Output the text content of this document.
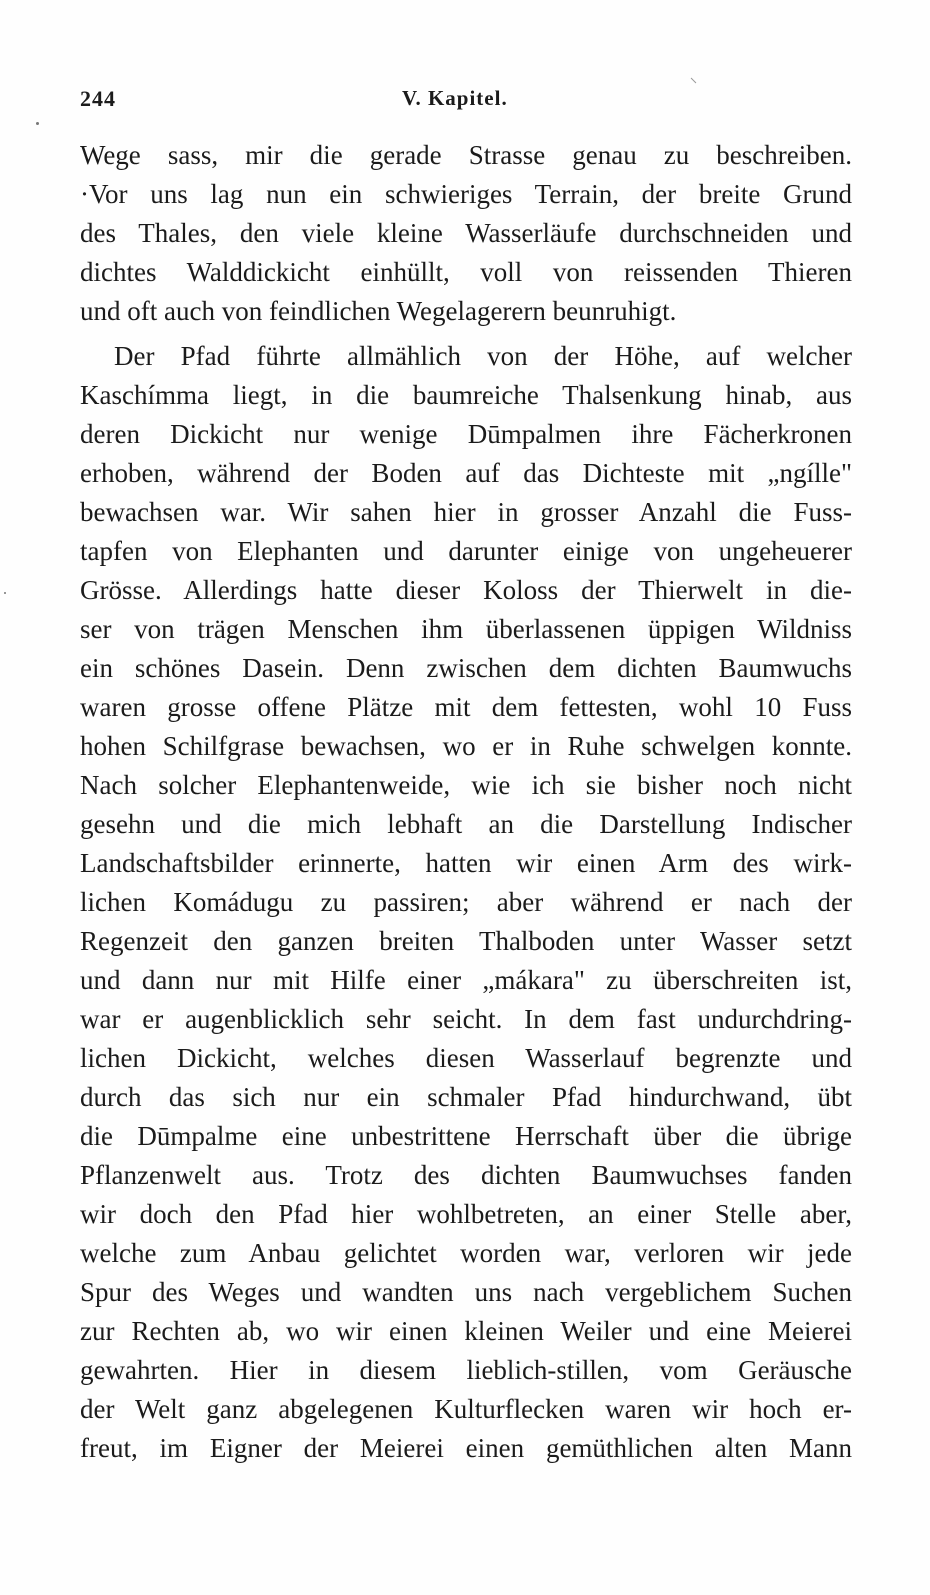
244	V. Kapitel.
Wege sass, mir die gerade Strasse genau zu beschreiben.
·Vor uns lag nun ein schwieriges Terrain, der breite Grund
des Thales, den viele kleine Wasserläufe durchschneiden und
dichtes Walddickicht einhüllt, voll von reissenden Thieren
und oft auch von feindlichen Wegelagerern beunruhigt.
Der Pfad führte allmählich von der Höhe, auf welcher
Kaschímma liegt, in die baumreiche Thalsenkung hinab, aus
deren Dickicht nur wenige Dūmpalmen ihre Fächerkronen
erhoben, während der Boden auf das Dichteste mit „ngílle"
bewachsen war. Wir sahen hier in grosser Anzahl die Fuss-
tapfen von Elephanten und darunter einige von ungeheuerer
Grösse. Allerdings hatte dieser Koloss der Thierwelt in die-
ser von trägen Menschen ihm überlassenen üppigen Wildniss
ein schönes Dasein. Denn zwischen dem dichten Baumwuchs
waren grosse offene Plätze mit dem fettesten, wohl 10 Fuss
hohen Schilfgrase bewachsen, wo er in Ruhe schwelgen konnte.
Nach solcher Elephantenweide, wie ich sie bisher noch nicht
gesehn und die mich lebhaft an die Darstellung Indischer
Landschaftsbilder erinnerte, hatten wir einen Arm des wirk-
lichen Komádugu zu passiren; aber während er nach der
Regenzeit den ganzen breiten Thalboden unter Wasser setzt
und dann nur mit Hilfe einer „mákara" zu überschreiten ist,
war er augenblicklich sehr seicht. In dem fast undurchdring-
lichen Dickicht, welches diesen Wasserlauf begrenzte und
durch das sich nur ein schmaler Pfad hindurchwand, übt
die Dūmpalme eine unbestrittene Herrschaft über die übrige
Pflanzenwelt aus. Trotz des dichten Baumwuchses fanden
wir doch den Pfad hier wohlbetreten, an einer Stelle aber,
welche zum Anbau gelichtet worden war, verloren wir jede
Spur des Weges und wandten uns nach vergeblichem Suchen
zur Rechten ab, wo wir einen kleinen Weiler und eine Meierei
gewahrten. Hier in diesem lieblich-stillen, vom Geräusche
der Welt ganz abgelegenen Kulturflecken waren wir hoch er-
freut, im Eigner der Meierei einen gemüthlichen alten Mann
